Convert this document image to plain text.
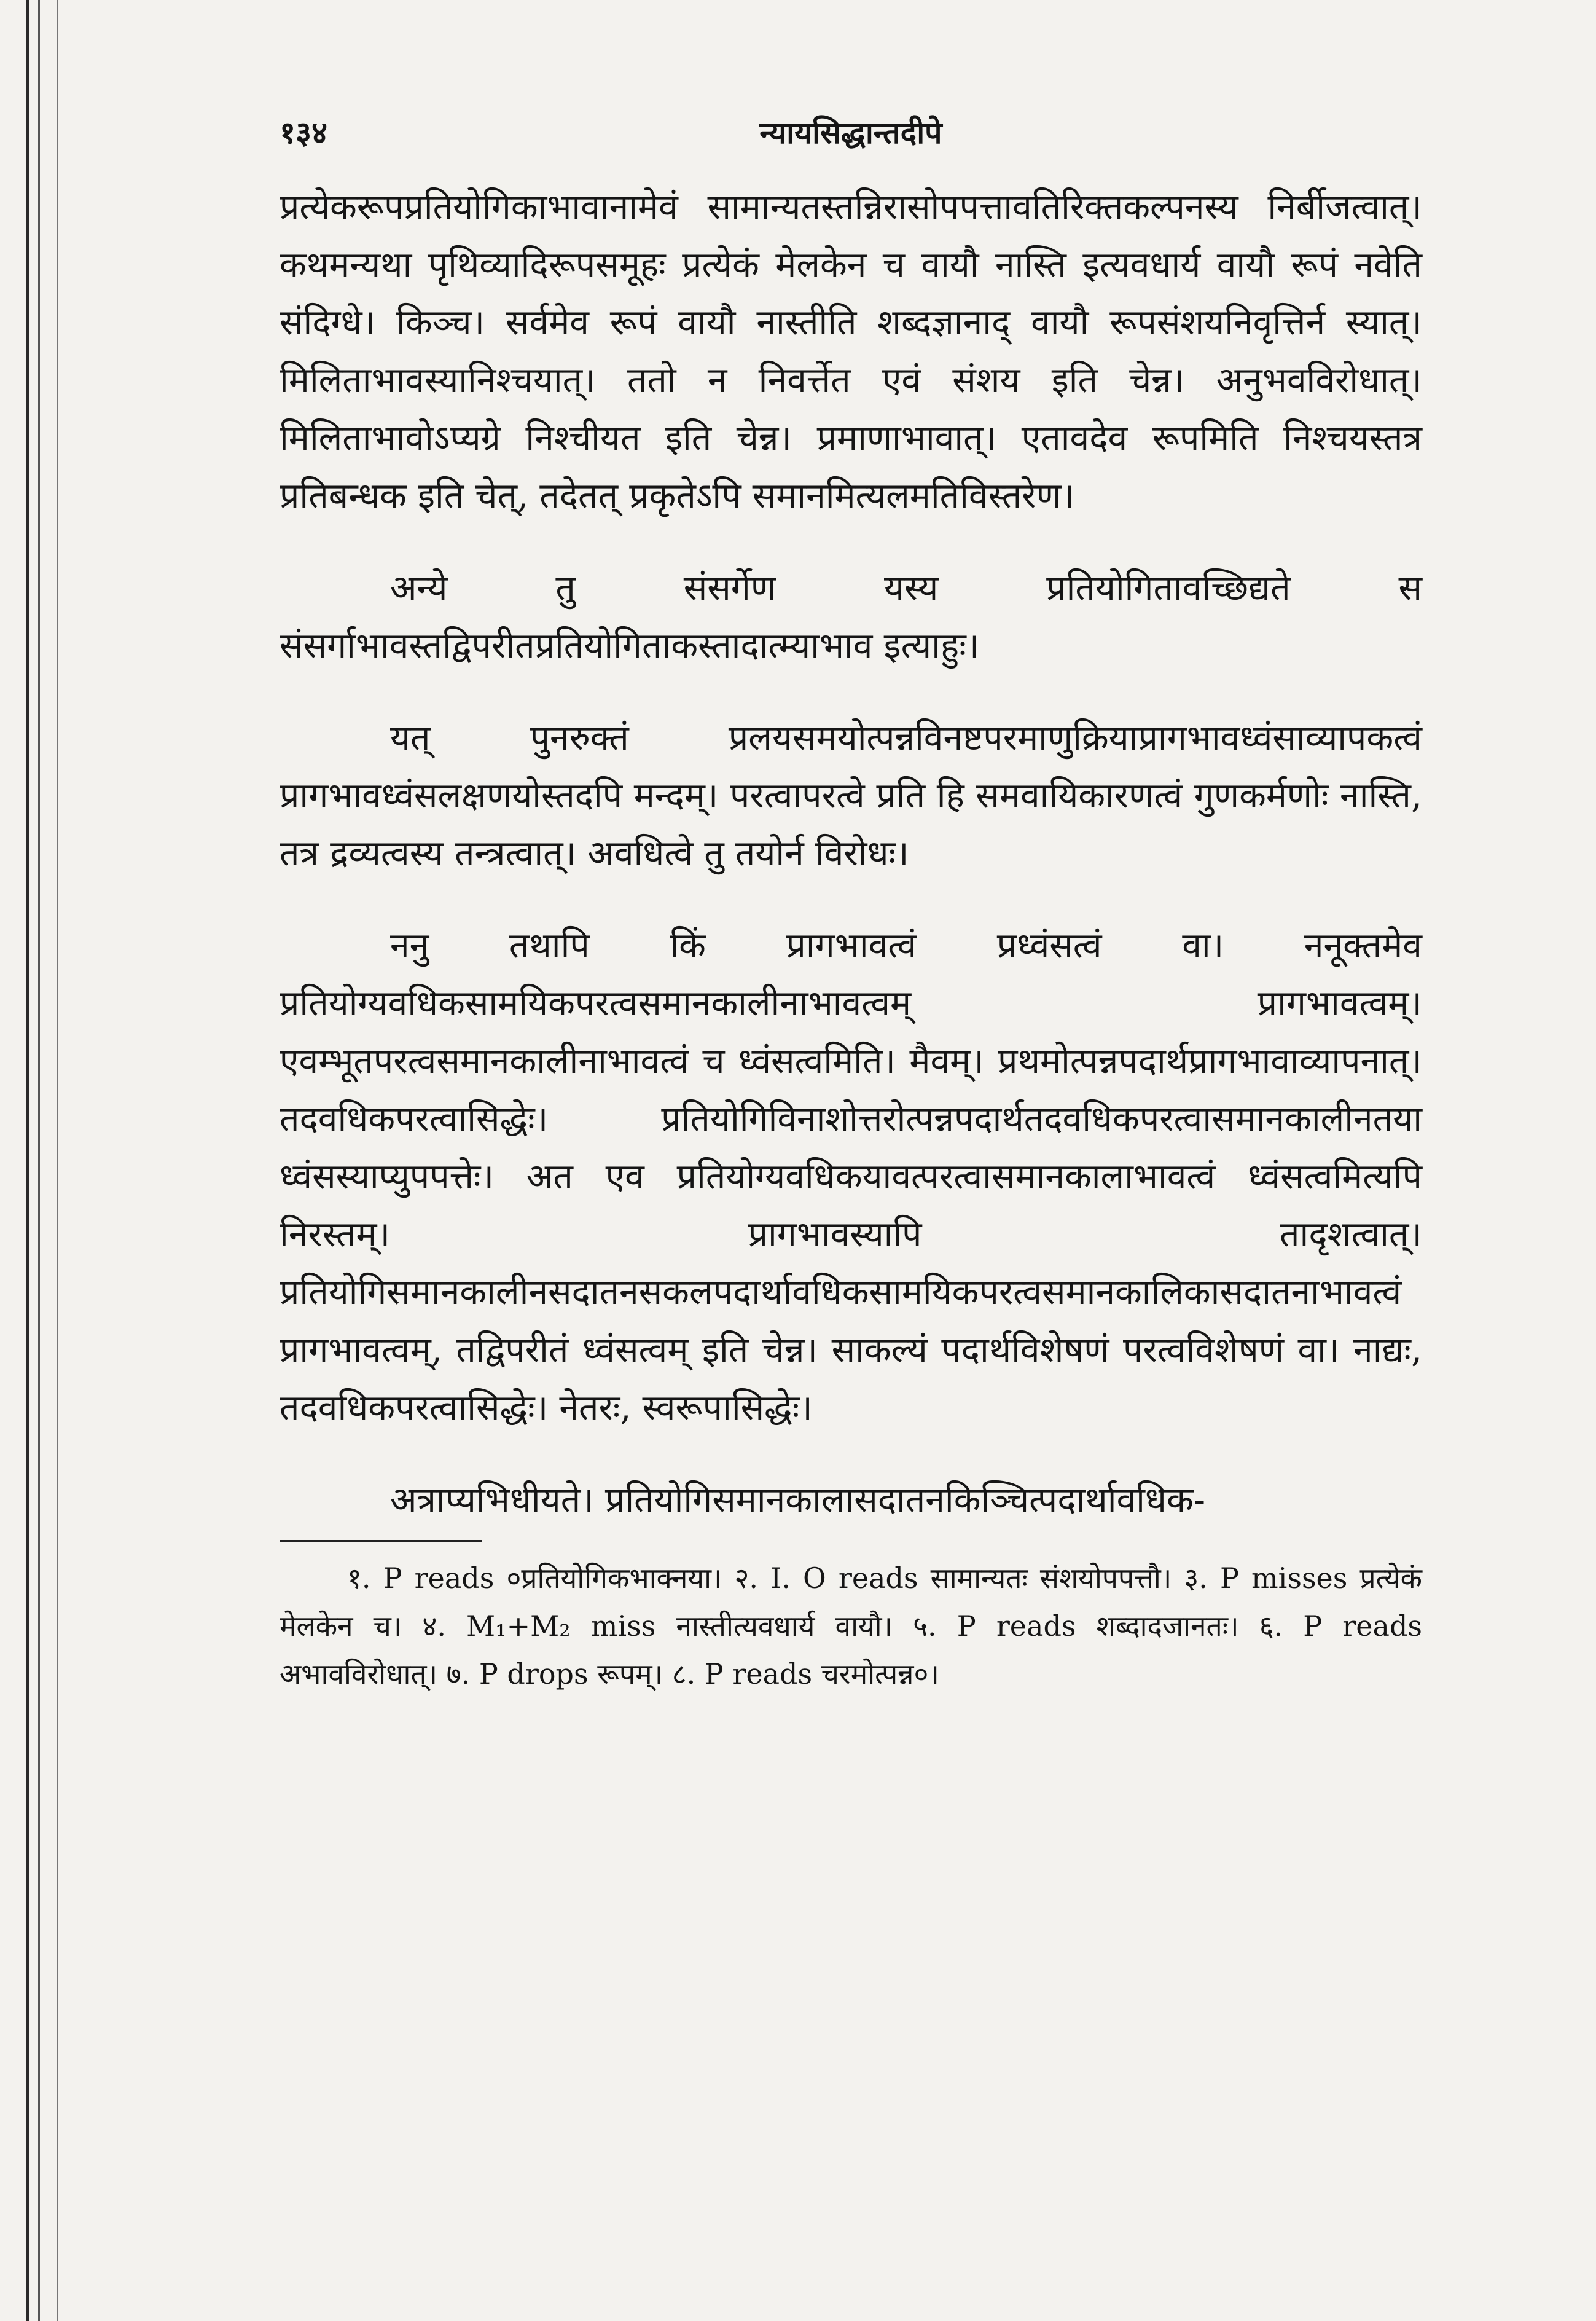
१३४	न्यायसिद्धान्तदीपे

प्रत्येकरूपप्रतियोगिकाभावानामेवं सामान्यतस्तन्निरासोपपत्तावतिरिक्तकल्पनस्य निर्बीजत्वात्। कथमन्यथा पृथिव्यादिरूपसमूहः प्रत्येकं मेलकेन च वायौ नास्ति इत्यवधार्य वायौ रूपं नवेति संदिग्धे। किञ्च। सर्वमेव रूपं वायौ नास्तीति शब्दज्ञानाद् वायौ रूपसंशयनिवृत्तिर्न स्यात्। मिलिताभावस्यानिश्चयात्। ततो न निवर्त्तेत एवं संशय इति चेन्न। अनुभवविरोधात्। मिलिताभावोऽप्यग्रे निश्चीयत इति चेन्न। प्रमाणाभावात्। एतावदेव रूपमिति निश्चयस्तत्र प्रतिबन्धक इति चेत्, तदेतत् प्रकृतेऽपि समानमित्यलमतिविस्तरेण।

अन्ये तु संसर्गेण यस्य प्रतियोगितावच्छिद्यते स संसर्गाभावस्तद्विपरीतप्रतियोगिताकस्तादात्म्याभाव इत्याहुः।

यत् पुनरुक्तं प्रलयसमयोत्पन्नविनष्टपरमाणुक्रियाप्रागभावध्वंसाव्यापकत्वं प्रागभावध्वंसलक्षणयोस्तदपि मन्दम्। परत्वापरत्वे प्रति हि समवायिकारणत्वं गुणकर्मणोः नास्ति, तत्र द्रव्यत्वस्य तन्त्रत्वात्। अवधित्वे तु तयोर्न विरोधः।

ननु तथापि किं प्रागभावत्वं प्रध्वंसत्वं वा। ननूक्तमेव प्रतियोग्यवधिकसामयिकपरत्वसमानकालीनाभावत्वम् प्रागभावत्वम्। एवम्भूतपरत्वसमानकालीनाभावत्वं च ध्वंसत्वमिति। मैवम्। प्रथमोत्पन्नपदार्थप्रागभावाव्यापनात्। तदवधिकपरत्वासिद्धेः। प्रतियोगिविनाशोत्तरोत्पन्नपदार्थतदवधिकपरत्वासमानकालीनतया ध्वंसस्याप्युपपत्तेः। अत एव प्रतियोग्यवधिकयावत्परत्वासमानकालाभावत्वं ध्वंसत्वमित्यपि निरस्तम्। प्रागभावस्यापि तादृशत्वात्। प्रतियोगिसमानकालीनसदातनसकलपदार्थावधिकसामयिकपरत्वसमानकालिकासदातनाभावत्वं प्रागभावत्वम्, तद्विपरीतं ध्वंसत्वम् इति चेन्न। साकल्यं पदार्थविशेषणं परत्वविशेषणं वा। नाद्यः, तदवधिकपरत्वासिद्धेः। नेतरः, स्वरूपासिद्धेः।

अत्राप्यभिधीयते। प्रतियोगिसमानकालासदातनकिञ्चित्पदार्थावधिक-

१. P reads ०प्रतियोगिकभाक्नया। २. I. O reads सामान्यतः संशयोपपत्तौ। ३. P misses प्रत्येकं मेलकेन च। ४. M₁+M₂ miss नास्तीत्यवधार्य वायौ। ५. P reads शब्दादजानतः। ६. P reads अभावविरोधात्। ७. P drops रूपम्। ८. P reads चरमोत्पन्न०।
